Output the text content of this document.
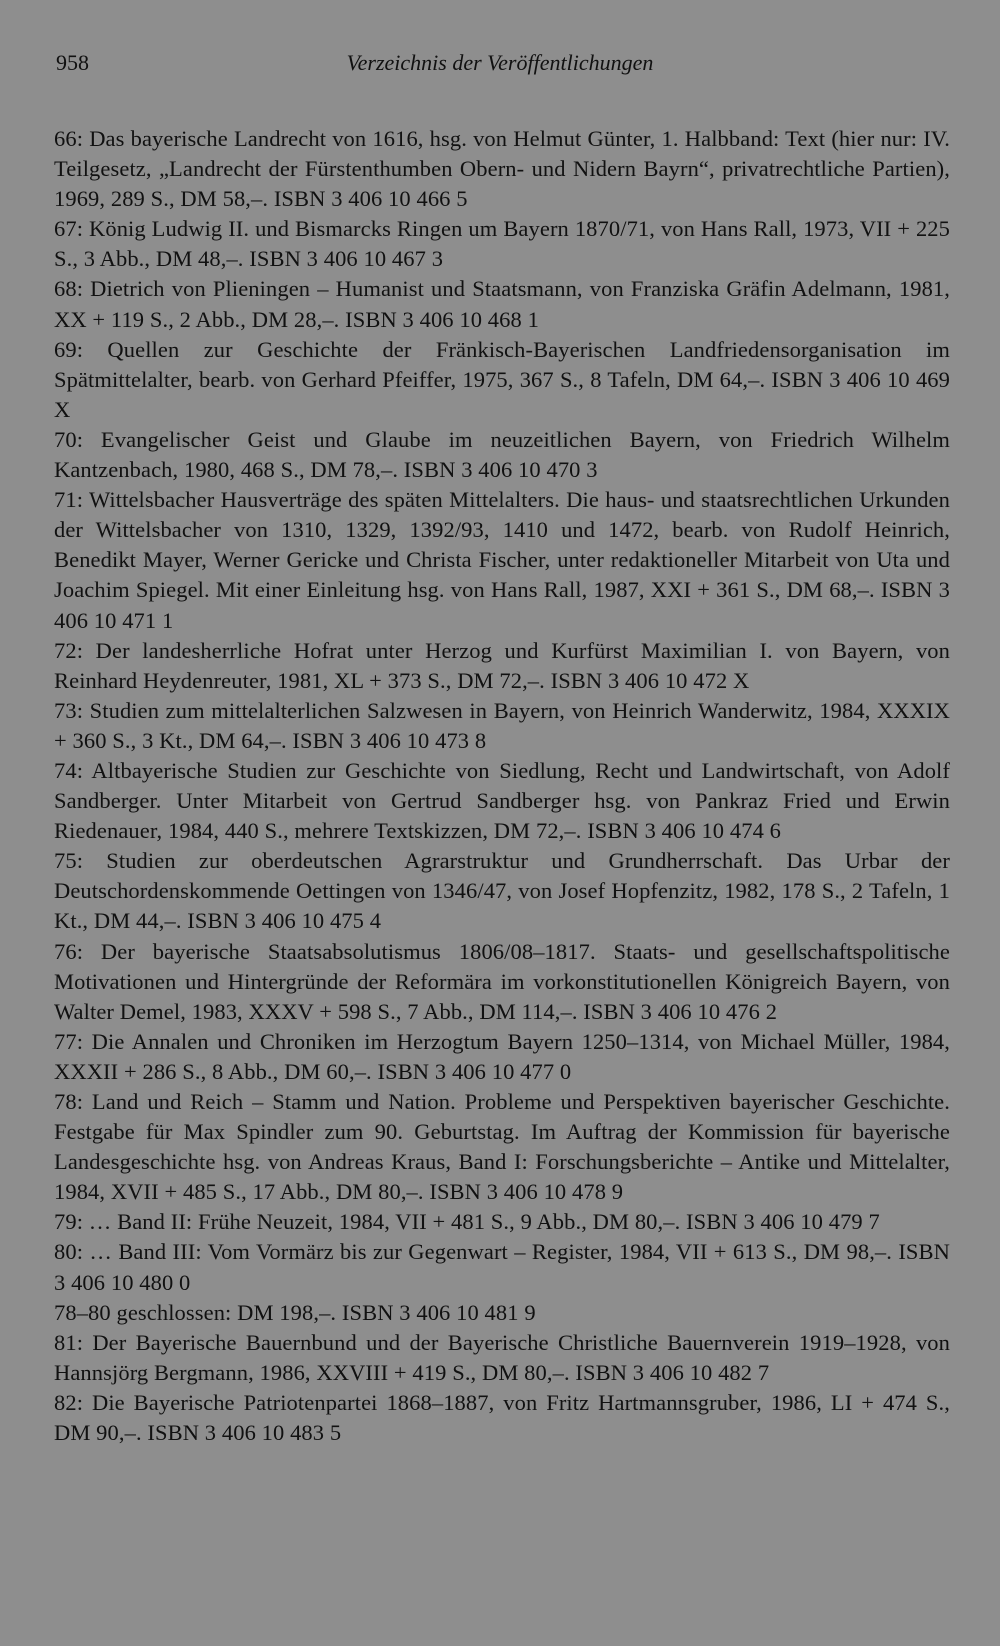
958	Verzeichnis der Veröffentlichungen
66: Das bayerische Landrecht von 1616, hsg. von Helmut Günter, 1. Halbband: Text (hier nur: IV. Teilgesetz, „Landrecht der Fürstenthumben Obern- und Nidern Bayrn“, privatrechtliche Partien), 1969, 289 S., DM 58,–. ISBN 3 406 10 466 5
67: König Ludwig II. und Bismarcks Ringen um Bayern 1870/71, von Hans Rall, 1973, VII + 225 S., 3 Abb., DM 48,–. ISBN 3 406 10 467 3
68: Dietrich von Plieningen – Humanist und Staatsmann, von Franziska Gräfin Adelmann, 1981, XX + 119 S., 2 Abb., DM 28,–. ISBN 3 406 10 468 1
69: Quellen zur Geschichte der Fränkisch-Bayerischen Landfriedensorganisation im Spätmittelalter, bearb. von Gerhard Pfeiffer, 1975, 367 S., 8 Tafeln, DM 64,–. ISBN 3 406 10 469 X
70: Evangelischer Geist und Glaube im neuzeitlichen Bayern, von Friedrich Wilhelm Kantzenbach, 1980, 468 S., DM 78,–. ISBN 3 406 10 470 3
71: Wittelsbacher Hausverträge des späten Mittelalters. Die haus- und staatsrechtlichen Urkunden der Wittelsbacher von 1310, 1329, 1392/93, 1410 und 1472, bearb. von Rudolf Heinrich, Benedikt Mayer, Werner Gericke und Christa Fischer, unter redaktioneller Mitarbeit von Uta und Joachim Spiegel. Mit einer Einleitung hsg. von Hans Rall, 1987, XXI + 361 S., DM 68,–. ISBN 3 406 10 471 1
72: Der landesherrliche Hofrat unter Herzog und Kurfürst Maximilian I. von Bayern, von Reinhard Heydenreuter, 1981, XL + 373 S., DM 72,–. ISBN 3 406 10 472 X
73: Studien zum mittelalterlichen Salzwesen in Bayern, von Heinrich Wanderwitz, 1984, XXXIX + 360 S., 3 Kt., DM 64,–. ISBN 3 406 10 473 8
74: Altbayerische Studien zur Geschichte von Siedlung, Recht und Landwirtschaft, von Adolf Sandberger. Unter Mitarbeit von Gertrud Sandberger hsg. von Pankraz Fried und Erwin Riedenauer, 1984, 440 S., mehrere Textskizzen, DM 72,–. ISBN 3 406 10 474 6
75: Studien zur oberdeutschen Agrarstruktur und Grundherrschaft. Das Urbar der Deutschordenskommende Oettingen von 1346/47, von Josef Hopfenzitz, 1982, 178 S., 2 Tafeln, 1 Kt., DM 44,–. ISBN 3 406 10 475 4
76: Der bayerische Staatsabsolutismus 1806/08–1817. Staats- und gesellschaftspolitische Motivationen und Hintergründe der Reformära im vorkonstitutionellen Königreich Bayern, von Walter Demel, 1983, XXXV + 598 S., 7 Abb., DM 114,–. ISBN 3 406 10 476 2
77: Die Annalen und Chroniken im Herzogtum Bayern 1250–1314, von Michael Müller, 1984, XXXII + 286 S., 8 Abb., DM 60,–. ISBN 3 406 10 477 0
78: Land und Reich – Stamm und Nation. Probleme und Perspektiven bayerischer Geschichte. Festgabe für Max Spindler zum 90. Geburtstag. Im Auftrag der Kommission für bayerische Landesgeschichte hsg. von Andreas Kraus, Band I: Forschungsberichte – Antike und Mittelalter, 1984, XVII + 485 S., 17 Abb., DM 80,–. ISBN 3 406 10 478 9
79: … Band II: Frühe Neuzeit, 1984, VII + 481 S., 9 Abb., DM 80,–. ISBN 3 406 10 479 7
80: … Band III: Vom Vormärz bis zur Gegenwart – Register, 1984, VII + 613 S., DM 98,–. ISBN 3 406 10 480 0
78–80 geschlossen: DM 198,–. ISBN 3 406 10 481 9
81: Der Bayerische Bauernbund und der Bayerische Christliche Bauernverein 1919–1928, von Hannsjörg Bergmann, 1986, XXVIII + 419 S., DM 80,–. ISBN 3 406 10 482 7
82: Die Bayerische Patriotenpartei 1868–1887, von Fritz Hartmannsgruber, 1986, LI + 474 S., DM 90,–. ISBN 3 406 10 483 5
